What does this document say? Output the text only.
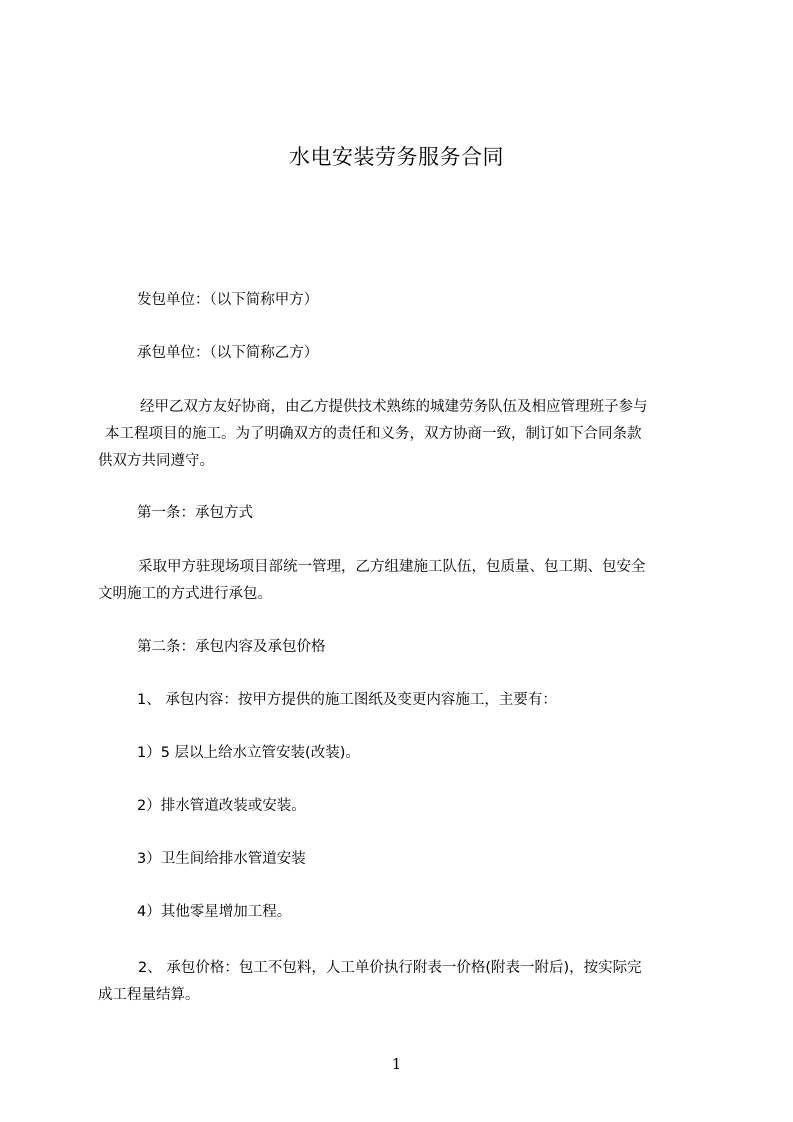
水电安装劳务服务合同
发包单位：（以下简称甲方）
承包单位：（以下简称乙方）
经甲乙双方友好协商，由乙方提供技术熟练的城建劳务队伍及相应管理班子参与
本工程项目的施工。为了明确双方的责任和义务，双方协商一致，制订如下合同条款
供双方共同遵守。
第一条：承包方式
采取甲方驻现场项目部统一管理，乙方组建施工队伍，包质量、包工期、包安全
文明施工的方式进行承包。
第二条：承包内容及承包价格
1、 承包内容：按甲方提供的施工图纸及变更内容施工，主要有：
1）5 层以上给水立管安装(改装)。
2）排水管道改装或安装。
3）卫生间给排水管道安装
4）其他零星增加工程。
2、 承包价格：包工不包料，人工单价执行附表一价格(附表一附后)，按实际完
成工程量结算。
1
